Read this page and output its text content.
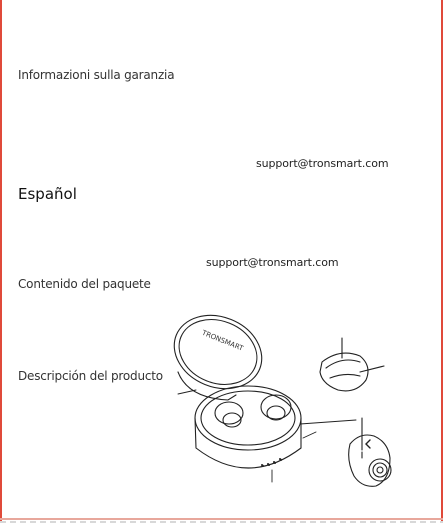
Informazioni sulla garanzia
support@tronsmart.com
Español
support@tronsmart.com
Contenido del paquete
Descripción del producto
TRONSMART
